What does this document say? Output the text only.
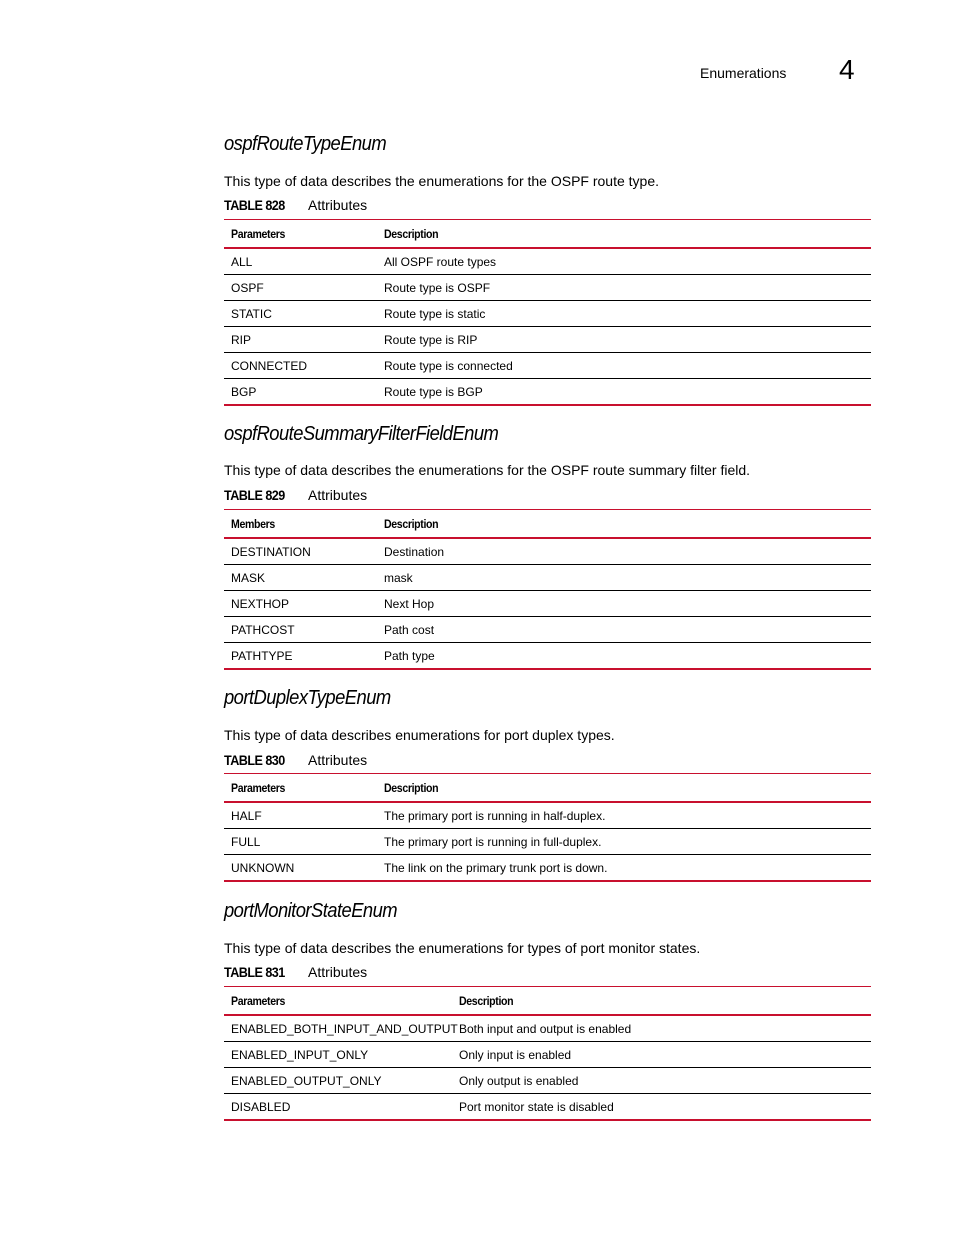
Enumerations 4
ospfRouteTypeEnum

This type of data describes the enumerations for the OSPF route type.

TABLE 828 Attributes
Parameters	Description
ALL	All OSPF route types
OSPF	Route type is OSPF
STATIC	Route type is static
RIP	Route type is RIP
CONNECTED	Route type is connected
BGP	Route type is BGP
ospfRouteSummaryFilterFieldEnum

This type of data describes the enumerations for the OSPF route summary filter field.

TABLE 829 Attributes
Members	Description
DESTINATION	Destination
MASK	mask
NEXTHOP	Next Hop
PATHCOST	Path cost
PATHTYPE	Path type
portDuplexTypeEnum

This type of data describes enumerations for port duplex types.

TABLE 830 Attributes
Parameters	Description
HALF	The primary port is running in half-duplex.
FULL	The primary port is running in full-duplex.
UNKNOWN	The link on the primary trunk port is down.
portMonitorStateEnum

This type of data describes the enumerations for types of port monitor states.

TABLE 831 Attributes
Parameters	Description
ENABLED_BOTH_INPUT_AND_OUTPUT	Both input and output is enabled
ENABLED_INPUT_ONLY	Only input is enabled
ENABLED_OUTPUT_ONLY	Only output is enabled
DISABLED	Port monitor state is disabled
